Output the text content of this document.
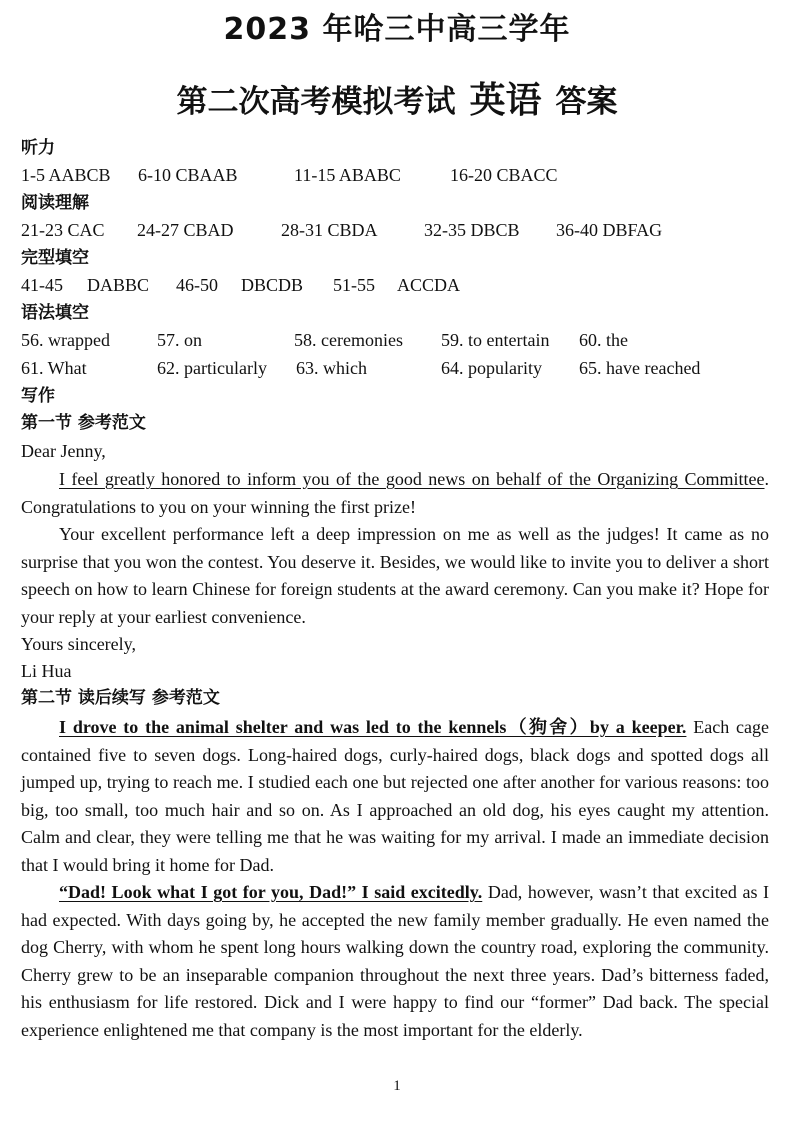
2023 年哈三中高三学年
第二次高考模拟考试 英语 答案
听力
1-5 AABCB 6-10 CBAAB	11-15 ABABC	16-20 CBACC
阅读理解
21-23 CAC 24-27 CBAD	28-31 CBDA	32-35 DBCB 36-40 DBFAG
完型填空
41-45 DABBC 46-50 DBCDB 51-55 ACCDA
语法填空
56. wrapped	57. on	58. ceremonies 59. to entertain 60. the
61. What	62. particularly 63. which	64. popularity 65. have reached
写作
第一节 参考范文
Dear Jenny,

I feel greatly honored to inform you of the good news on behalf of the Organizing Committee. Congratulations to you on your winning the first prize!

Your excellent performance left a deep impression on me as well as the judges! It came as no surprise that you won the contest. You deserve it. Besides, we would like to invite you to deliver a short speech on how to learn Chinese for foreign students at the award ceremony. Can you make it? Hope for your reply at your earliest convenience.

Yours sincerely,
Li Hua
第二节 读后续写 参考范文

I drove to the animal shelter and was led to the kennels（狗舍）by a keeper. Each cage contained five to seven dogs. Long-haired dogs, curly-haired dogs, black dogs and spotted dogs all jumped up, trying to reach me. I studied each one but rejected one after another for various reasons: too big, too small, too much hair and so on. As I approached an old dog, his eyes caught my attention. Calm and clear, they were telling me that he was waiting for my arrival. I made an immediate decision that I would bring it home for Dad.

“Dad! Look what I got for you, Dad!” I said excitedly. Dad, however, wasn’t that excited as I had expected. With days going by, he accepted the new family member gradually. He even named the dog Cherry, with whom he spent long hours walking down the country road, exploring the community. Cherry grew to be an inseparable companion throughout the next three years. Dad’s bitterness faded, his enthusiasm for life restored. Dick and I were happy to find our “former” Dad back. The special experience enlightened me that company is the most important for the elderly.

1
